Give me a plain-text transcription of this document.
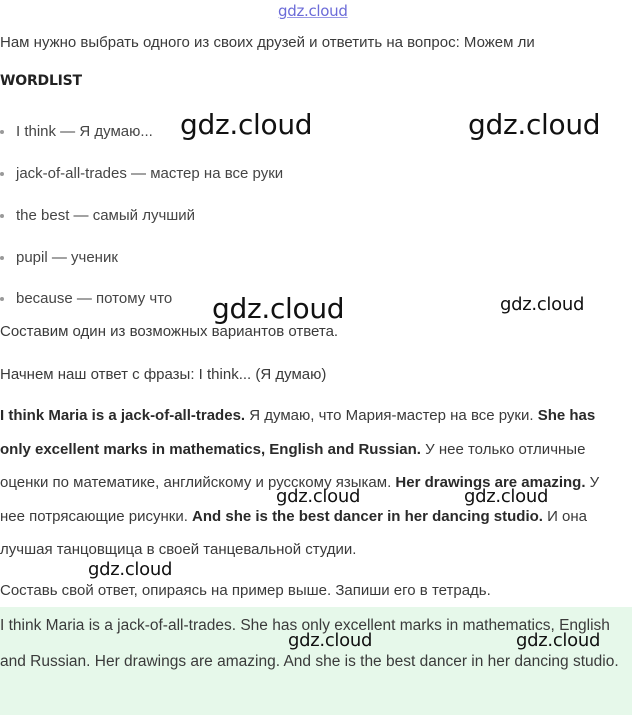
gdz.cloud
Нам нужно выбрать одного из своих друзей и ответить на вопрос: Можем ли
WORDLIST
I think — Я думаю...
jack-of-all-trades — мастер на все руки
the best — самый лучший
pupil — ученик
because — потому что
Составим один из возможных вариантов ответа.
Начнем наш ответ с фразы: I think... (Я думаю)
I think Maria is a jack-of-all-trades. Я думаю, что Мария-мастер на все руки. She has only excellent marks in mathematics, English and Russian. У нее только отличные оценки по математике, английскому и русскому языкам. Her drawings are amazing. У нее потрясающие рисунки. And she is the best dancer in her dancing studio. И она лучшая танцовщица в своей танцевальной студии.
Составь свой ответ, опираясь на пример выше. Запиши его в тетрадь.
I think Maria is a jack-of-all-trades. She has only excellent marks in mathematics, English and Russian. Her drawings are amazing. And she is the best dancer in her dancing studio.
gdz.cloud	gdz.cloud
gdz.cloud	gdz.cloud
gdz.cloud	gdz.cloud
gdz.cloud
gdz.cloud	gdz.cloud
